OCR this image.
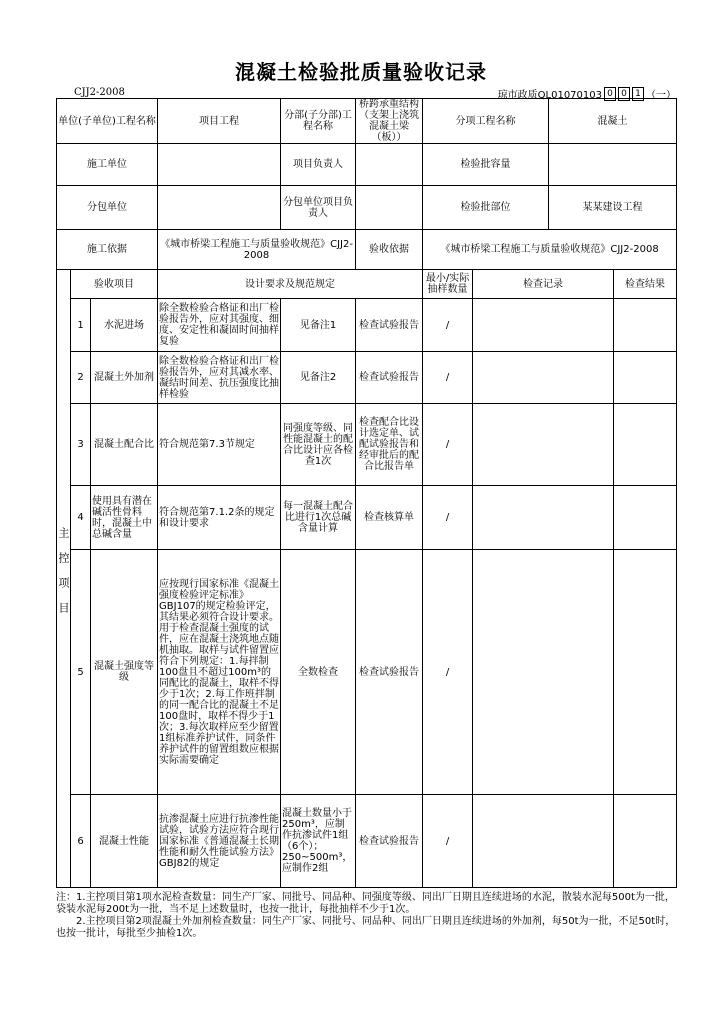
混凝土检验批质量验收记录
CJJ2-2008	琼市政质QL01070103 0 0 1 （一）
单位(子单位)工程名称			项目工程	分部(子分部)工程名称	桥跨承重结构（支架上浇筑混凝土梁（板））	分项工程名称		混凝土	
施工单位				项目负责人		检验批容量			
分包单位				分包单位项目负责人		检验批部位		某某建设工程	
施工依据			《城市桥梁工程施工与质量验收规范》CJJ2-2008		验收依据	《城市桥梁工程施工与质量验收规范》CJJ2-2008			
主控项目	验收项目		设计要求及规范规定			最小/实际抽样数量	检查记录		检查结果
	1	水泥进场	除全数检验合格证和出厂检验报告外，应对其强度、细度、安定性和凝固时间抽样复验	见备注1	检查试验报告	/			
	2	混凝土外加剂	除全数检验合格证和出厂检验报告外，应对其减水率、凝结时间差、抗压强度比抽样检验	见备注2	检查试验报告	/			
	3	混凝土配合比	符合规范第7.3节规定	同强度等级、同性能混凝土的配合比设计应各检查1次	检查配合比设计选定单、试配试验报告和经审批后的配合比报告单	/			
	4	使用具有潜在碱活性骨料时，混凝土中总碱含量	符合规范第7.1.2条的规定和设计要求	每一混凝土配合比进行1次总碱含量计算	检查核算单	/			
	5	混凝土强度等级	应按现行国家标准《混凝土强度检验评定标准》GBJ107的规定检验评定，其结果必须符合设计要求。用于检查混凝土强度的试件，应在混凝土浇筑地点随机抽取。取样与试件留置应符合下列规定：1.每拌制100盘且不超过100m³的同配比的混凝土，取样不得少于1次；2.每工作班拌制的同一配合比的混凝土不足100盘时，取样不得少于1次；3.每次取样应至少留置1组标准养护试件，同条件养护试件的留置组数应根据实际需要确定	全数检查	检查试验报告	/			
	6	混凝土性能	抗渗混凝土应进行抗渗性能试验，试验方法应符合现行国家标准《普通混凝土长期性能和耐久性能试验方法》GBJ82的规定	混凝土数量小于250m³，应制作抗渗试件1组（6个）；250~500m³，应制作2组	检查试验报告	/			

注：1.主控项目第1项水泥检查数量：同生产厂家、同批号、同品种、同强度等级、同出厂日期且连续进场的水泥，散装水泥每500t为一批，袋装水泥每200t为一批，当不足上述数量时，也按一批计，每批抽样不少于1次。

2.主控项目第2项混凝土外加剂检查数量：同生产厂家、同批号、同品种、同出厂日期且连续进场的外加剂，每50t为一批，不足50t时，也按一批计，每批至少抽检1次。
